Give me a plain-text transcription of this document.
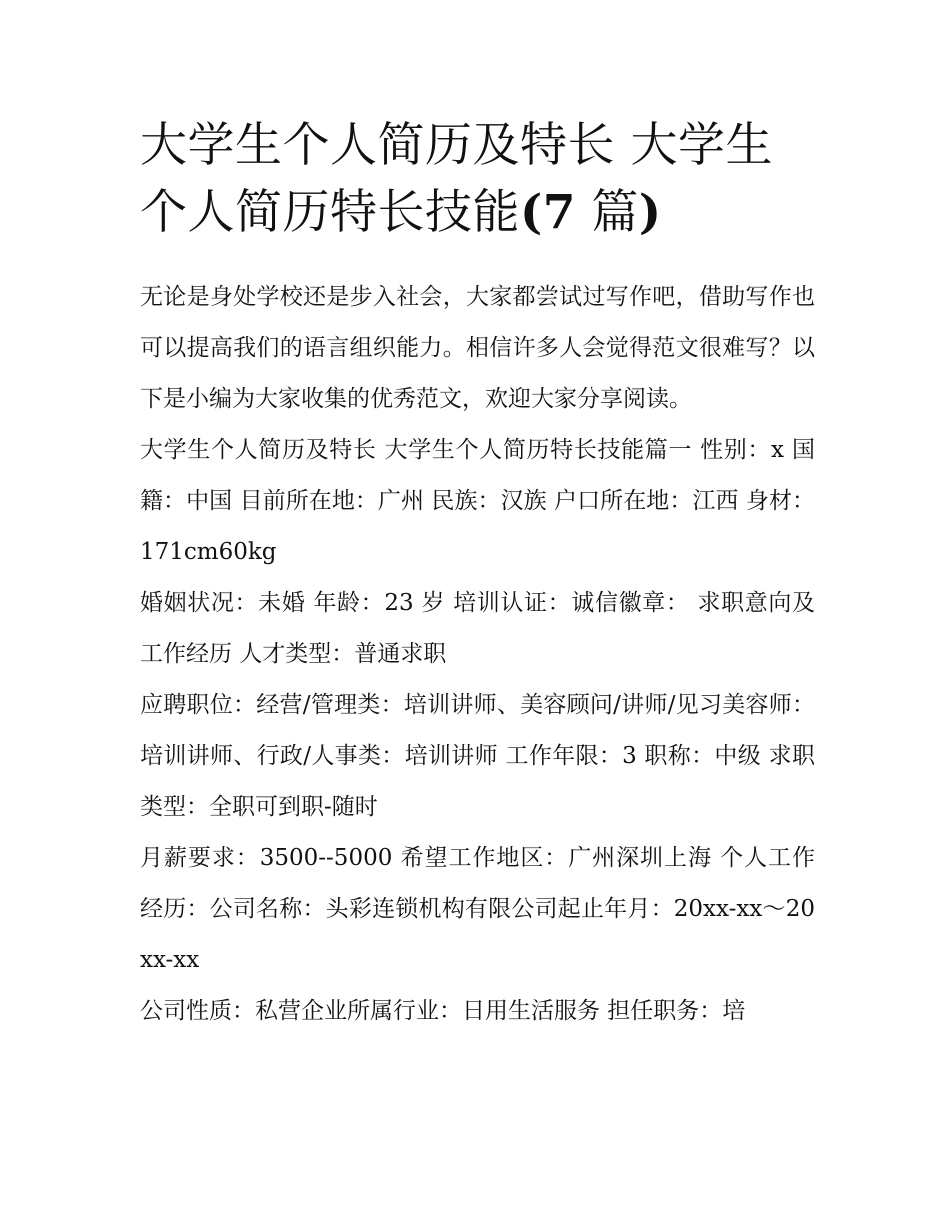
大学生个人简历及特长 大学生个人简历特长技能(7 篇)

无论是身处学校还是步入社会，大家都尝试过写作吧，借助写作也可以提高我们的语言组织能力。相信许多人会觉得范文很难写？以下是小编为大家收集的优秀范文，欢迎大家分享阅读。

大学生个人简历及特长 大学生个人简历特长技能篇一 性别：x 国籍：中国 目前所在地：广州 民族：汉族 户口所在地：江西 身材：171cm60kg

婚姻状况：未婚 年龄：23 岁 培训认证：诚信徽章： 求职意向及工作经历 人才类型：普通求职

应聘职位：经营/管理类：培训讲师、美容顾问/讲师/见习美容师：培训讲师、行政/人事类：培训讲师 工作年限：3 职称：中级 求职类型：全职可到职-随时

月薪要求：3500--5000 希望工作地区：广州深圳上海 个人工作经历：公司名称：头彩连锁机构有限公司起止年月：20xx-xx～20xx-xx

公司性质：私营企业所属行业：日用生活服务 担任职务：培
